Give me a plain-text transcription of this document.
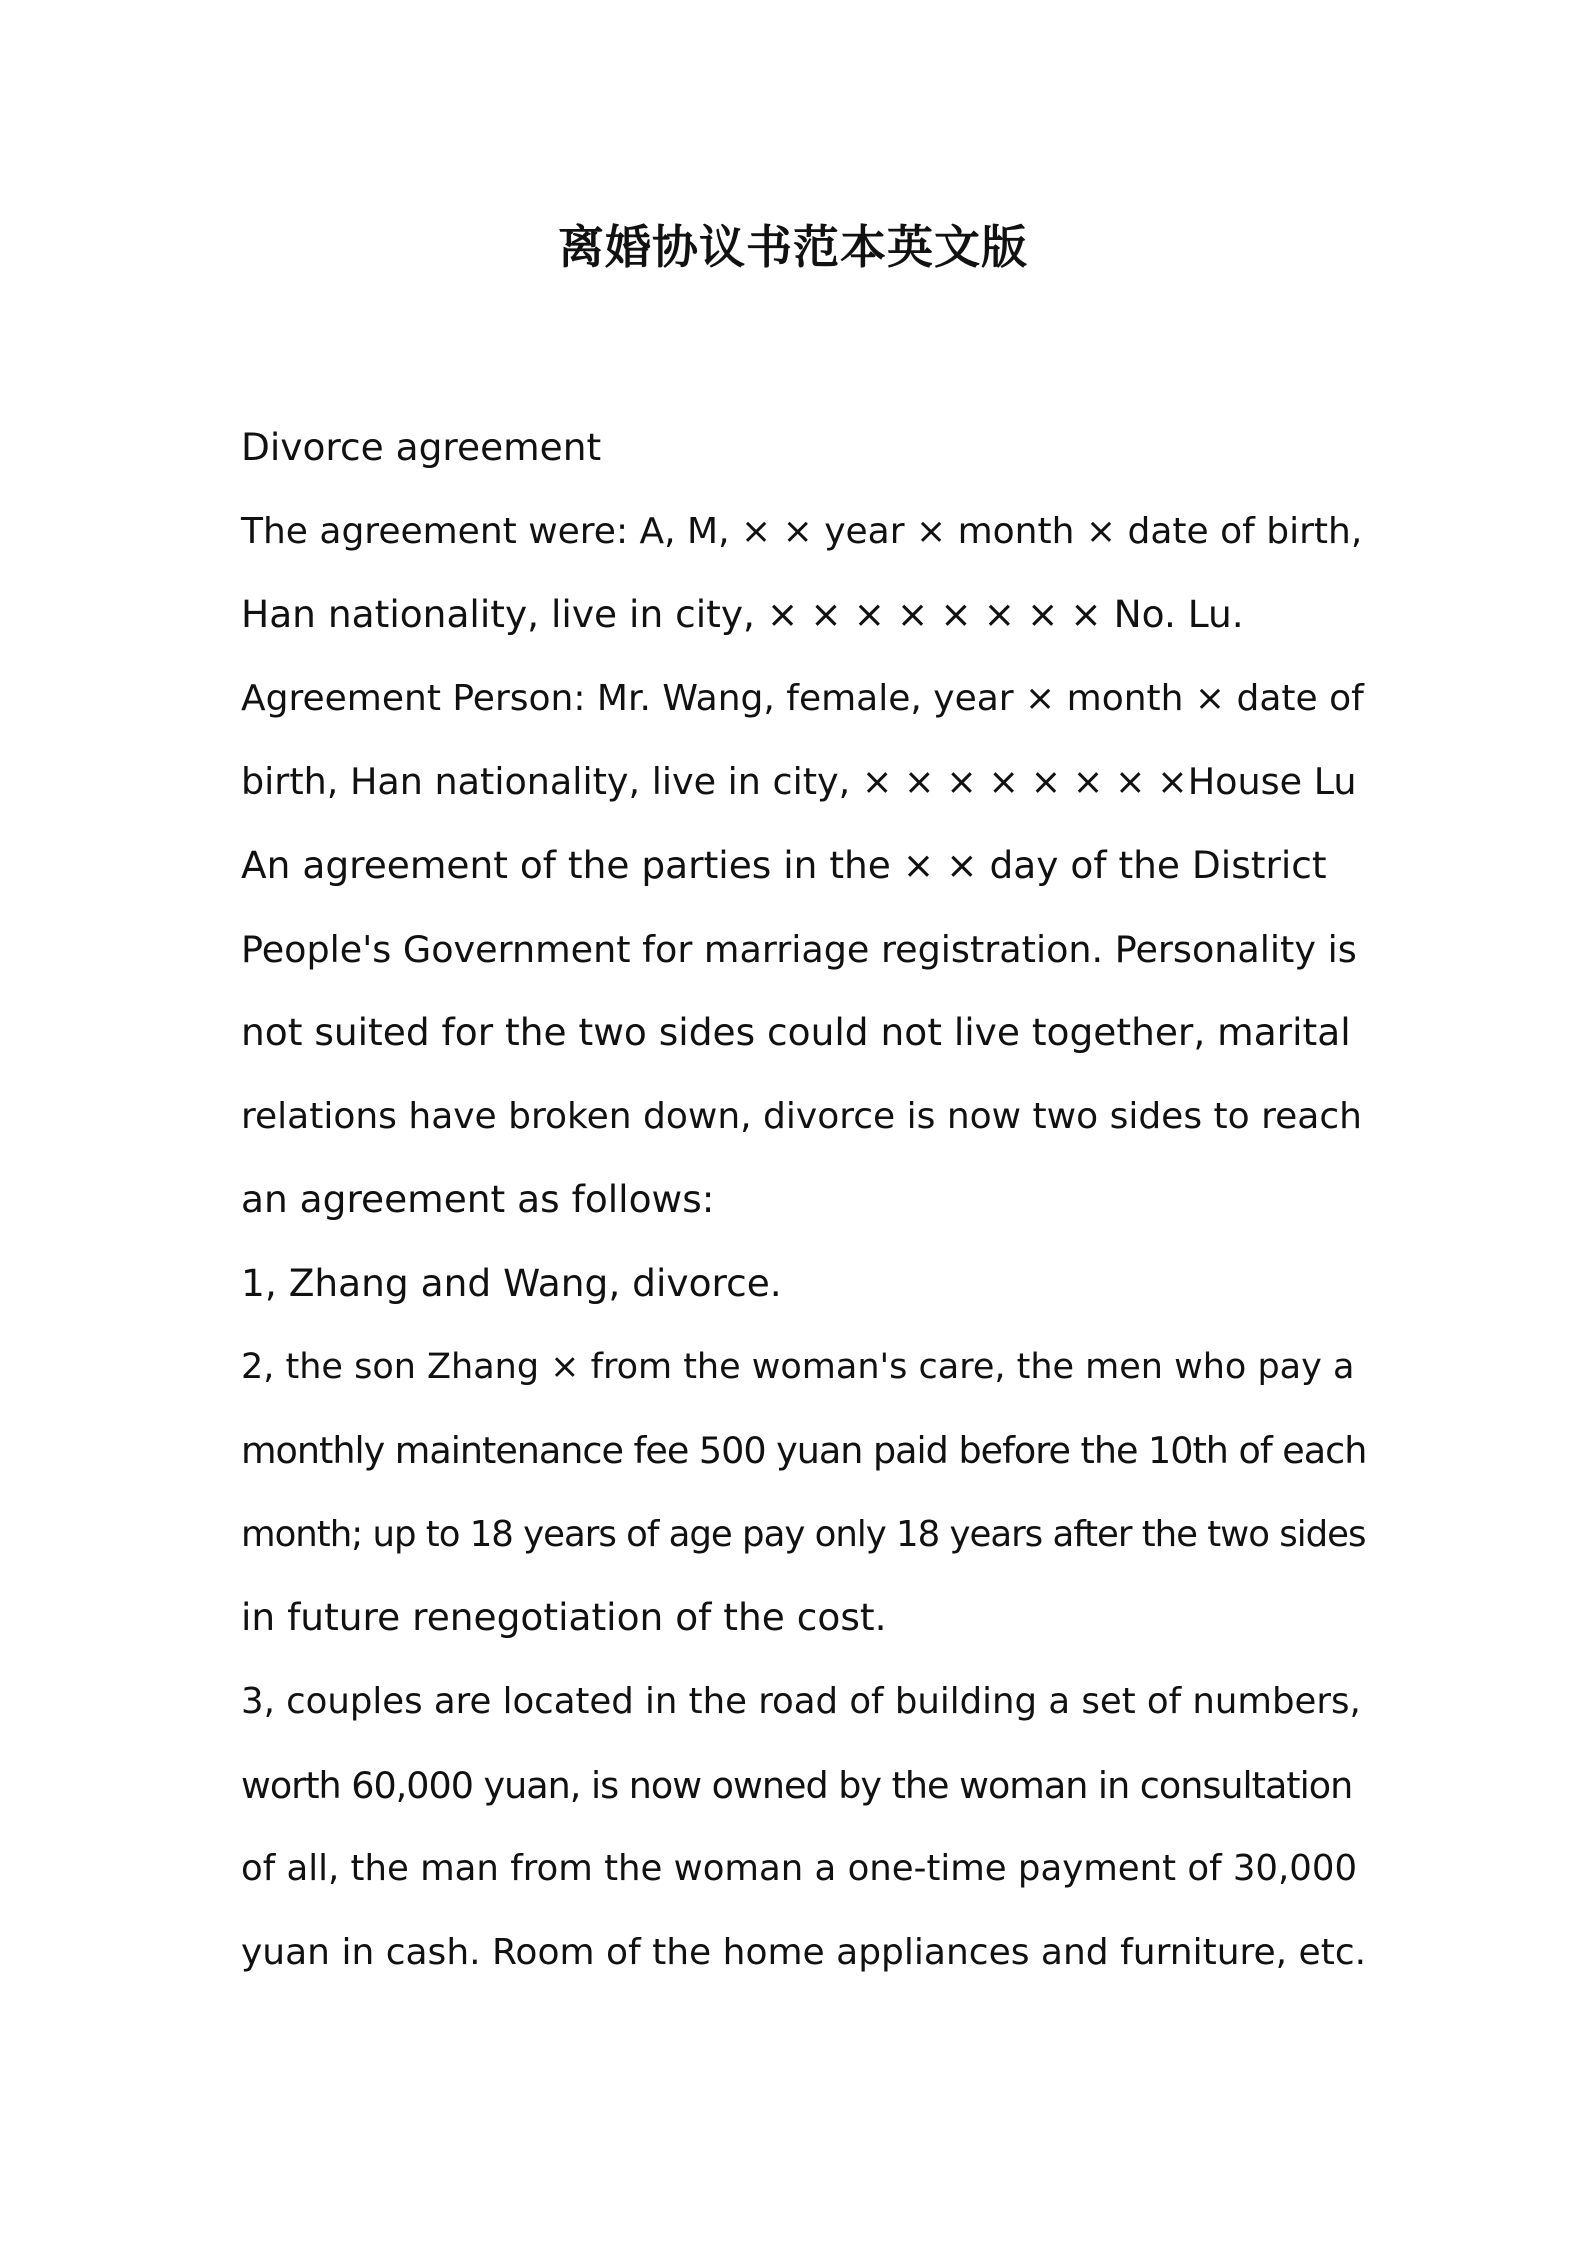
离婚协议书范本英文版
Divorce agreement
The agreement were: A, M, × × year × month × date of birth,
Han nationality, live in city, × × × × × × × × No. Lu.
Agreement Person: Mr. Wang, female, year × month × date of
birth, Han nationality, live in city, × × × × × × × ×House Lu
An agreement of the parties in the × × day of the District
People's Government for marriage registration. Personality is
not suited for the two sides could not live together, marital
relations have broken down, divorce is now two sides to reach
an agreement as follows:
1, Zhang and Wang, divorce.
2, the son Zhang × from the woman's care, the men who pay a
monthly maintenance fee 500 yuan paid before the 10th of each
month; up to 18 years of age pay only 18 years after the two sides
in future renegotiation of the cost.
3, couples are located in the road of building a set of numbers,
worth 60,000 yuan, is now owned by the woman in consultation
of all, the man from the woman a one-time payment of 30,000
yuan in cash. Room of the home appliances and furniture, etc.
